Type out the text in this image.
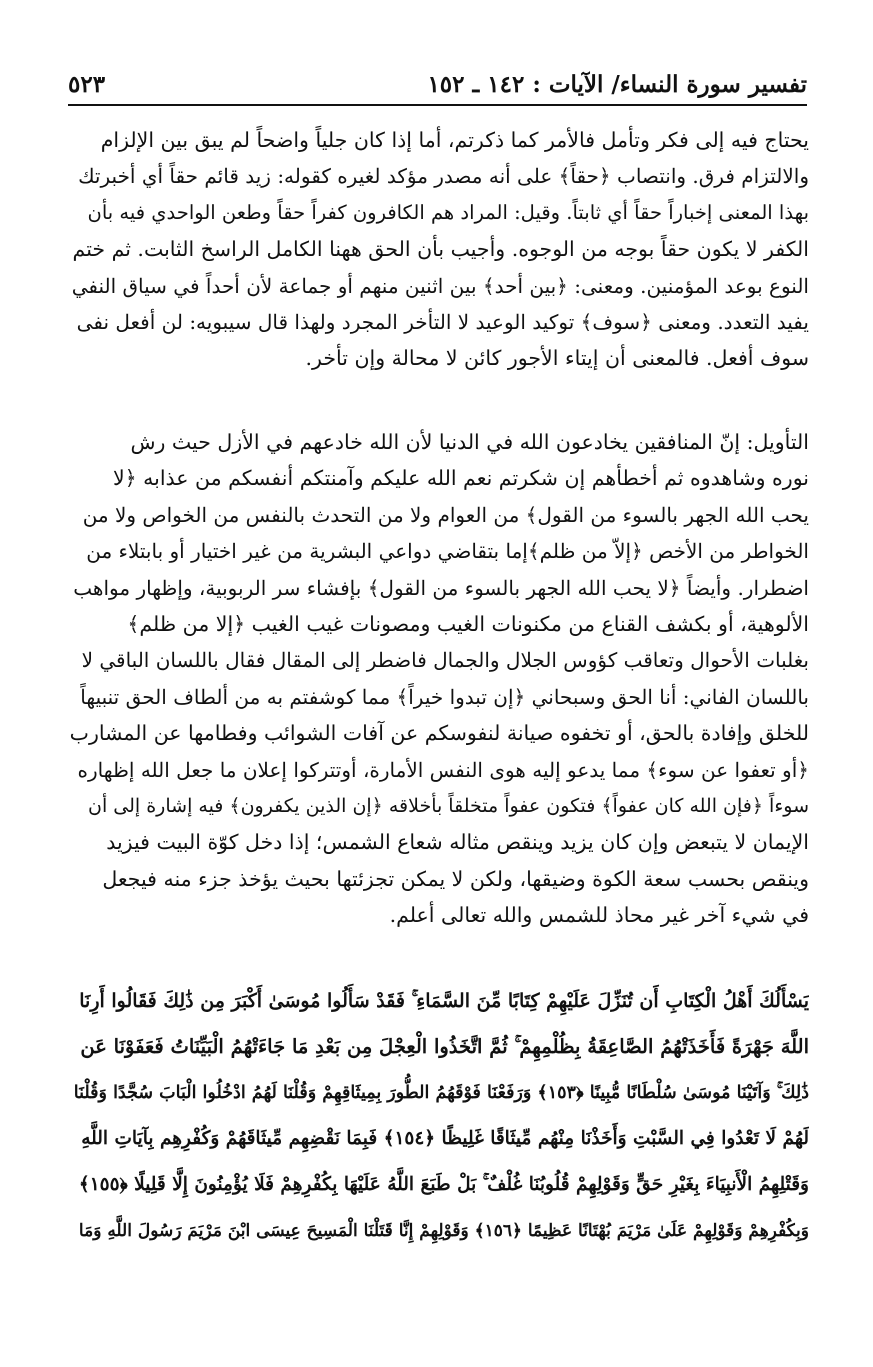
تفسير سورة النساء/ الآيات : ١٤٢ ـ ١٥٢
٥٢٣

يحتاج فيه إلى فكر وتأمل فالأمر كما ذكرتم، أما إذا كان جلياً واضحاً لم يبق بين الإلزام
والالتزام فرق. وانتصاب ﴿حقاً﴾ على أنه مصدر مؤكد لغيره كقوله: زيد قائم حقاً أي أخبرتك
بهذا المعنى إخباراً حقاً أي ثابتاً. وقيل: المراد هم الكافرون كفراً حقاً وطعن الواحدي فيه بأن
الكفر لا يكون حقاً بوجه من الوجوه. وأجيب بأن الحق ههنا الكامل الراسخ الثابت. ثم ختم
النوع بوعد المؤمنين. ومعنى: ﴿بين أحد﴾ بين اثنين منهم أو جماعة لأن أحداً في سياق النفي
يفيد التعدد. ومعنى ﴿سوف﴾ توكيد الوعيد لا التأخر المجرد ولهذا قال سيبويه: لن أفعل نفى
سوف أفعل. فالمعنى أن إيتاء الأجور كائن لا محالة وإن تأخر.

التأويل: إنّ المنافقين يخادعون الله في الدنيا لأن الله خادعهم في الأزل حيث رش
نوره وشاهدوه ثم أخطأهم إن شكرتم نعم الله عليكم وآمنتكم أنفسكم من عذابه ﴿لا
يحب الله الجهر بالسوء من القول﴾ من العوام ولا من التحدث بالنفس من الخواص ولا من
الخواطر من الأخص ﴿إلاّ من ظلم﴾إما بتقاضي دواعي البشرية من غير اختيار أو بابتلاء من
اضطرار. وأيضاً ﴿لا يحب الله الجهر بالسوء من القول﴾ بإفشاء سر الربوبية، وإظهار مواهب
الألوهية، أو بكشف القناع من مكنونات الغيب ومصونات غيب الغيب ﴿إلا من ظلم﴾
بغلبات الأحوال وتعاقب كؤوس الجلال والجمال فاضطر إلى المقال فقال باللسان الباقي لا
باللسان الفاني: أنا الحق وسبحاني ﴿إن تبدوا خيراً﴾ مما كوشفتم به من ألطاف الحق تنبيهاً
للخلق وإفادة بالحق، أو تخفوه صيانة لنفوسكم عن آفات الشوائب وفطامها عن المشارب
﴿أو تعفوا عن سوء﴾ مما يدعو إليه هوى النفس الأمارة، أوتتركوا إعلان ما جعل الله إظهاره
سوءاً ﴿فإن الله كان عفواً﴾ فتكون عفواً متخلقاً بأخلاقه ﴿إن الذين يكفرون﴾ فيه إشارة إلى أن
الإيمان لا يتبعض وإن كان يزيد وينقص مثاله شعاع الشمس؛ إذا دخل كوّة البيت فيزيد
وينقص بحسب سعة الكوة وضيقها، ولكن لا يمكن تجزئتها بحيث يؤخذ جزء منه فيجعل
في شيء آخر غير محاذ للشمس والله تعالى أعلم.

يَسْأَلُكَ أَهْلُ الْكِتَابِ أَن تُنَزِّلَ عَلَيْهِمْ كِتَابًا مِّنَ السَّمَاءِ ۚ فَقَدْ سَأَلُوا مُوسَىٰ أَكْبَرَ مِن ذَٰلِكَ فَقَالُوا أَرِنَا
اللَّهَ جَهْرَةً فَأَخَذَتْهُمُ الصَّاعِقَةُ بِظُلْمِهِمْ ۚ ثُمَّ اتَّخَذُوا الْعِجْلَ مِن بَعْدِ مَا جَاءَتْهُمُ الْبَيِّنَاتُ فَعَفَوْنَا عَن
ذَٰلِكَ ۚ وَآتَيْنَا مُوسَىٰ سُلْطَانًا مُّبِينًا ﴿١٥٣﴾ وَرَفَعْنَا فَوْقَهُمُ الطُّورَ بِمِيثَاقِهِمْ وَقُلْنَا لَهُمُ ادْخُلُوا الْبَابَ سُجَّدًا وَقُلْنَا
لَهُمْ لَا تَعْدُوا فِي السَّبْتِ وَأَخَذْنَا مِنْهُم مِّيثَاقًا غَلِيظًا ﴿١٥٤﴾ فَبِمَا نَقْضِهِم مِّيثَاقَهُمْ وَكُفْرِهِم بِآيَاتِ اللَّهِ
وَقَتْلِهِمُ الْأَنبِيَاءَ بِغَيْرِ حَقٍّ وَقَوْلِهِمْ قُلُوبُنَا غُلْفٌ ۚ بَلْ طَبَعَ اللَّهُ عَلَيْهَا بِكُفْرِهِمْ فَلَا يُؤْمِنُونَ إِلَّا قَلِيلًا ﴿١٥٥﴾
وَبِكُفْرِهِمْ وَقَوْلِهِمْ عَلَىٰ مَرْيَمَ بُهْتَانًا عَظِيمًا ﴿١٥٦﴾ وَقَوْلِهِمْ إِنَّا قَتَلْنَا الْمَسِيحَ عِيسَى ابْنَ مَرْيَمَ رَسُولَ اللَّهِ وَمَا
